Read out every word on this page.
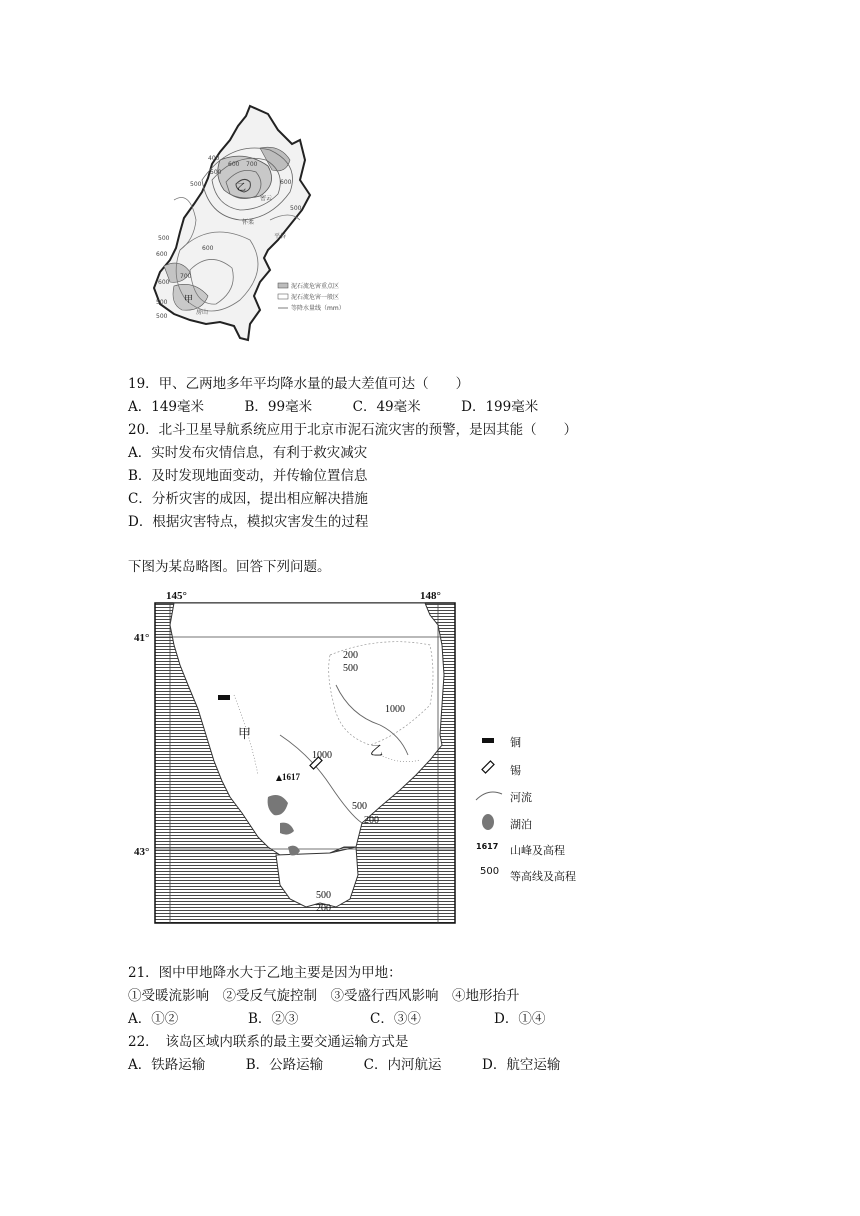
乙
甲
密云
怀柔
平谷
房山
400
500
600 700
600
500
500
600
700
600
500
500
600
500
泥石流危害重点区
泥石流危害一般区
等降水量线（mm）
19．甲、乙两地多年平均降水量的最大差值可达（　　）
A．149毫米　　　B．99毫米　　　C．49毫米　　　D．199毫米
20．北斗卫星导航系统应用于北京市泥石流灾害的预警，是因其能（　　）
A．实时发布灾情信息，有利于救灾减灾
B．及时发现地面变动，并传输位置信息
C．分析灾害的成因，提出相应解决措施
D．根据灾害特点，模拟灾害发生的过程
下图为某岛略图。回答下列问题。
1617
145°	148°
41°
43°
甲
乙
200
500
1000
1000
500
200
500
200
铜
锡
河流
湖泊
1617 山峰及高程
500 等高线及高程
21．图中甲地降水大于乙地主要是因为甲地：
①受暖流影响　②受反气旋控制　③受盛行西风影响　④地形抬升
A．①②	B．②③	C．③④	D．①④
22．　该岛区域内联系的最主要交通运输方式是
A．铁路运输　　　B．公路运输　　　C．内河航运　　　D．航空运输
